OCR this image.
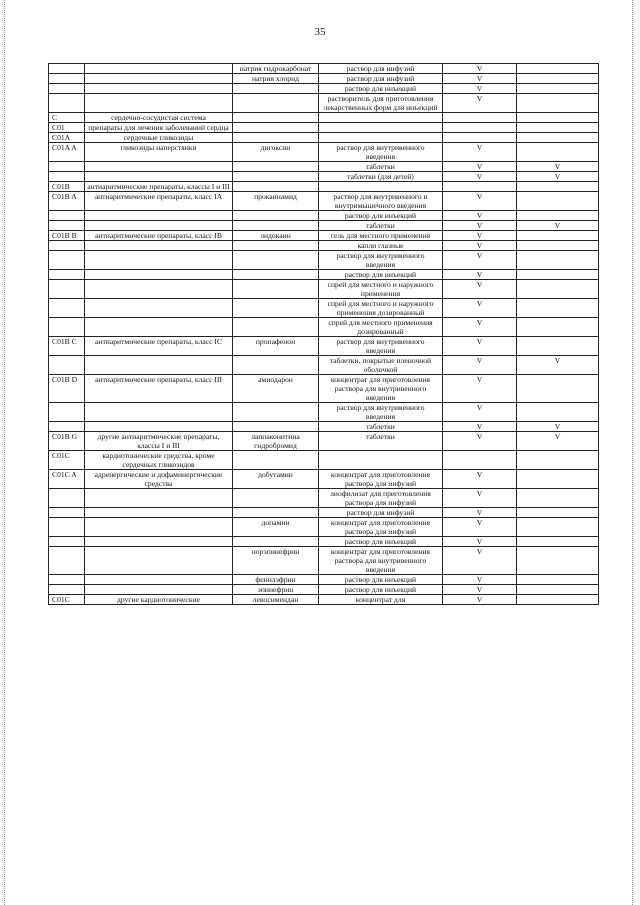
35
		натрия гидрокарбонат	раствор для инфузий	V	
		натрия хлорид	раствор для инфузий	V	
			раствор для инъекций	V	
			растворитель для приготовления лекарственных форм для инъекций	V	
C	сердечно-сосудистая система				
C01	препараты для лечения заболеваний сердца				
C01A	сердечные гликозиды				
C01A A	гликозиды наперстянки	дигоксин	раствор для внутривенного введения	V	
			таблетки	V	V
			таблетки (для детей)	V	V
C01B	антиаритмические препараты, классы I и III				
C01B A	антиаритмические препараты, класс IA	прокаинамид	раствор для внутривенного и внутримышечного введения	V	
			раствор для инъекций	V	
			таблетки	V	V
C01B B	антиаритмические препараты, класс IB	лидокаин	гель для местного применения	V	
			капли глазные	V	
			раствор для внутривенного введения	V	
			раствор для инъекций	V	
			спрей для местного и наружного применения	V	
			спрей для местного и наружного применения дозированный	V	
			спрей для местного применения дозированный	V	
C01B C	антиаритмические препараты, класс IC	пропафенон	раствор для внутривенного введения	V	
			таблетки, покрытые пленочной оболочкой	V	V
C01B D	антиаритмические препараты, класс III	амиодарон	концентрат для приготовления раствора для внутривенного введения	V	
			раствор для внутривенного введения	V	
			таблетки	V	V
C01B G	другие антиаритмические препараты, классы I и III	лаппаконитина гидробромид	таблетки	V	V
C01C	кардиотонические средства, кроме сердечных гликозидов				
C01C A	адренергические и дофаминергические средства	добутамин	концентрат для приготовления раствора для инфузий	V	
			лиофилизат для приготовления раствора для инфузий	V	
			раствор для инфузий	V	
		допамин	концентрат для приготовления раствора для инфузий	V	
			раствор для инъекций	V	
		норэпинефрин	концентрат для приготовления раствора для внутривенного введения	V	
		фенилэфрин	раствор для инъекций	V	
		эпинефрин	раствор для инъекций	V	
C01C	другие кардиотонические	левосимендан	концентрат для	V	
